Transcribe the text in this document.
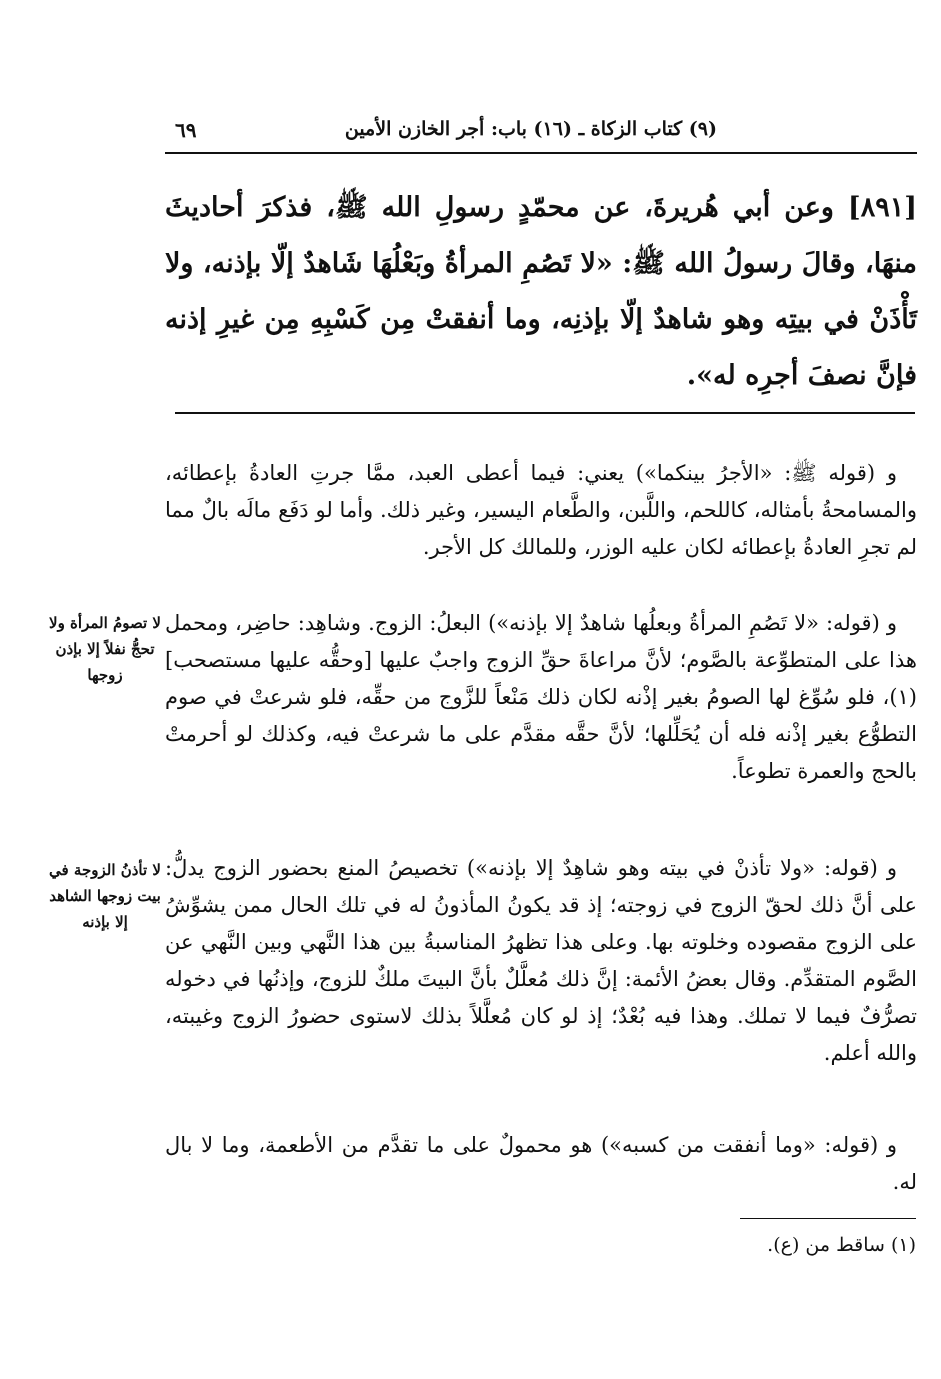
(٩) كتاب الزكاة ـ (١٦) باب: أجر الخازن الأمين
٦٩

[٨٩١] وعن أبي هُريرةَ، عن محمّدٍ رسولِ الله ﷺ، فذكرَ أحاديثَ منهَا، وقالَ رسولُ الله ﷺ: «لا تَصُمِ المرأةُ وبَعْلُهَا شَاهدٌ إلّا بإذنه، ولا تَأْذَنْ في بيتِه وهو شاهدٌ إلّا بإذنِه، وما أنفقتْ مِن كَسْبِهِ مِن غيرِ إذنه فإنَّ نصفَ أجرِه له».

و (قوله ﷺ: «الأجرُ بينكما») يعني: فيما أعطى العبد، ممَّا جرتِ العادةُ بإعطائه، والمسامحةُ بأمثاله، كاللحم، واللَّبن، والطَّعام اليسير، وغير ذلك. وأما لو دَفَع مالَه بالٌ مما لم تجرِ العادةُ بإعطائه لكان عليه الوزر، وللمالك كل الأجر.

و (قوله: «لا تَصُمِ المرأةُ وبعلُها شاهدٌ إلا بإذنه») البعلُ: الزوج. وشاهِد: حاضِر، ومحمل هذا على المتطوِّعة بالصَّوم؛ لأنَّ مراعاةَ حقِّ الزوج واجبٌ عليها [وحقُّه عليها مستصحب](١)، فلو سُوِّغ لها الصومُ بغير إذْنه لكان ذلك مَنْعاً للزَّوج من حقِّه، فلو شرعتْ في صوم التطوُّع بغير إذْنه فله أن يُحَلِّلها؛ لأنَّ حقَّه مقدَّم على ما شرعتْ فيه، وكذلك لو أحرمتْ بالحج والعمرة تطوعاً.

و (قوله: «ولا تأذنْ في بيته وهو شاهِدٌ إلا بإذنه») تخصيصُ المنع بحضور الزوج يدلُّ: على أنَّ ذلك لحقّ الزوج في زوجته؛ إذ قد يكونُ المأذونُ له في تلك الحال ممن يشوِّشُ على الزوج مقصوده وخلوته بها. وعلى هذا تظهرُ المناسبةُ بين هذا النَّهي وبين النَّهي عن الصَّوم المتقدِّم. وقال بعضُ الأئمة: إنَّ ذلك مُعلَّلٌ بأنَّ البيتَ ملكٌ للزوج، وإذنُها في دخوله تصرُّفٌ فيما لا تملك. وهذا فيه بُعْدٌ؛ إذ لو كان مُعلَّلاً بذلك لاستوى حضورُ الزوج وغيبته، والله أعلم.

و (قوله: «وما أنفقت من كسبه») هو محمولٌ على ما تقدَّم من الأطعمة، وما لا بال له.

لا تصومُ المرأة ولا تحجُّ نفلاً إلا بإذن زوجها
لا تأذنُ الزوجة في بيت زوجها الشاهد إلا بإذنه
(١) ساقط من (ع).
